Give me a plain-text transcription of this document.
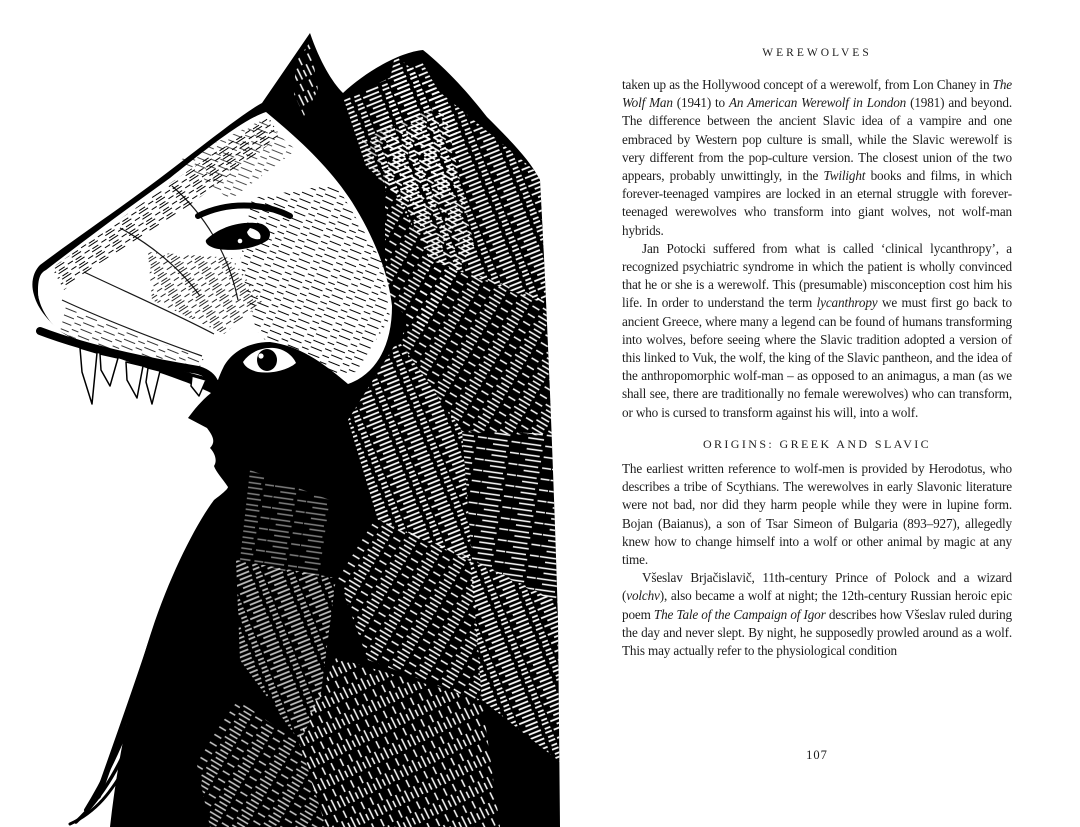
WEREWOLVES

taken up as the Hollywood concept of a werewolf, from Lon Chaney in The Wolf Man (1941) to An American Werewolf in London (1981) and beyond. The difference between the ancient Slavic idea of a vampire and one embraced by Western pop culture is small, while the Slavic werewolf is very different from the pop-culture version. The closest union of the two appears, probably unwittingly, in the Twilight books and films, in which forever-teenaged vampires are locked in an eternal struggle with forever-teenaged werewolves who transform into giant wolves, not wolf-man hybrids.

Jan Potocki suffered from what is called ‘clinical lycanthropy’, a recognized psychiatric syndrome in which the patient is wholly convinced that he or she is a werewolf. This (presumable) misconception cost him his life. In order to understand the term lycanthropy we must first go back to ancient Greece, where many a legend can be found of humans transforming into wolves, before seeing where the Slavic tradition adopted a version of this linked to Vuk, the wolf, the king of the Slavic pantheon, and the idea of the anthropomorphic wolf-man – as opposed to an animagus, a man (as we shall see, there are traditionally no female werewolves) who can transform, or who is cursed to transform against his will, into a wolf.

ORIGINS: GREEK AND SLAVIC

The earliest written reference to wolf-men is provided by Herodotus, who describes a tribe of Scythians. The werewolves in early Slavonic literature were not bad, nor did they harm people while they were in lupine form. Bojan (Baianus), a son of Tsar Simeon of Bulgaria (893–927), allegedly knew how to change himself into a wolf or other animal by magic at any time.

Všeslav Brjačislavič, 11th-century Prince of Polock and a wizard (volchv), also became a wolf at night; the 12th-century Russian heroic epic poem The Tale of the Campaign of Igor describes how Všeslav ruled during the day and never slept. By night, he supposedly prowled around as a wolf. This may actually refer to the physiological condition

107
